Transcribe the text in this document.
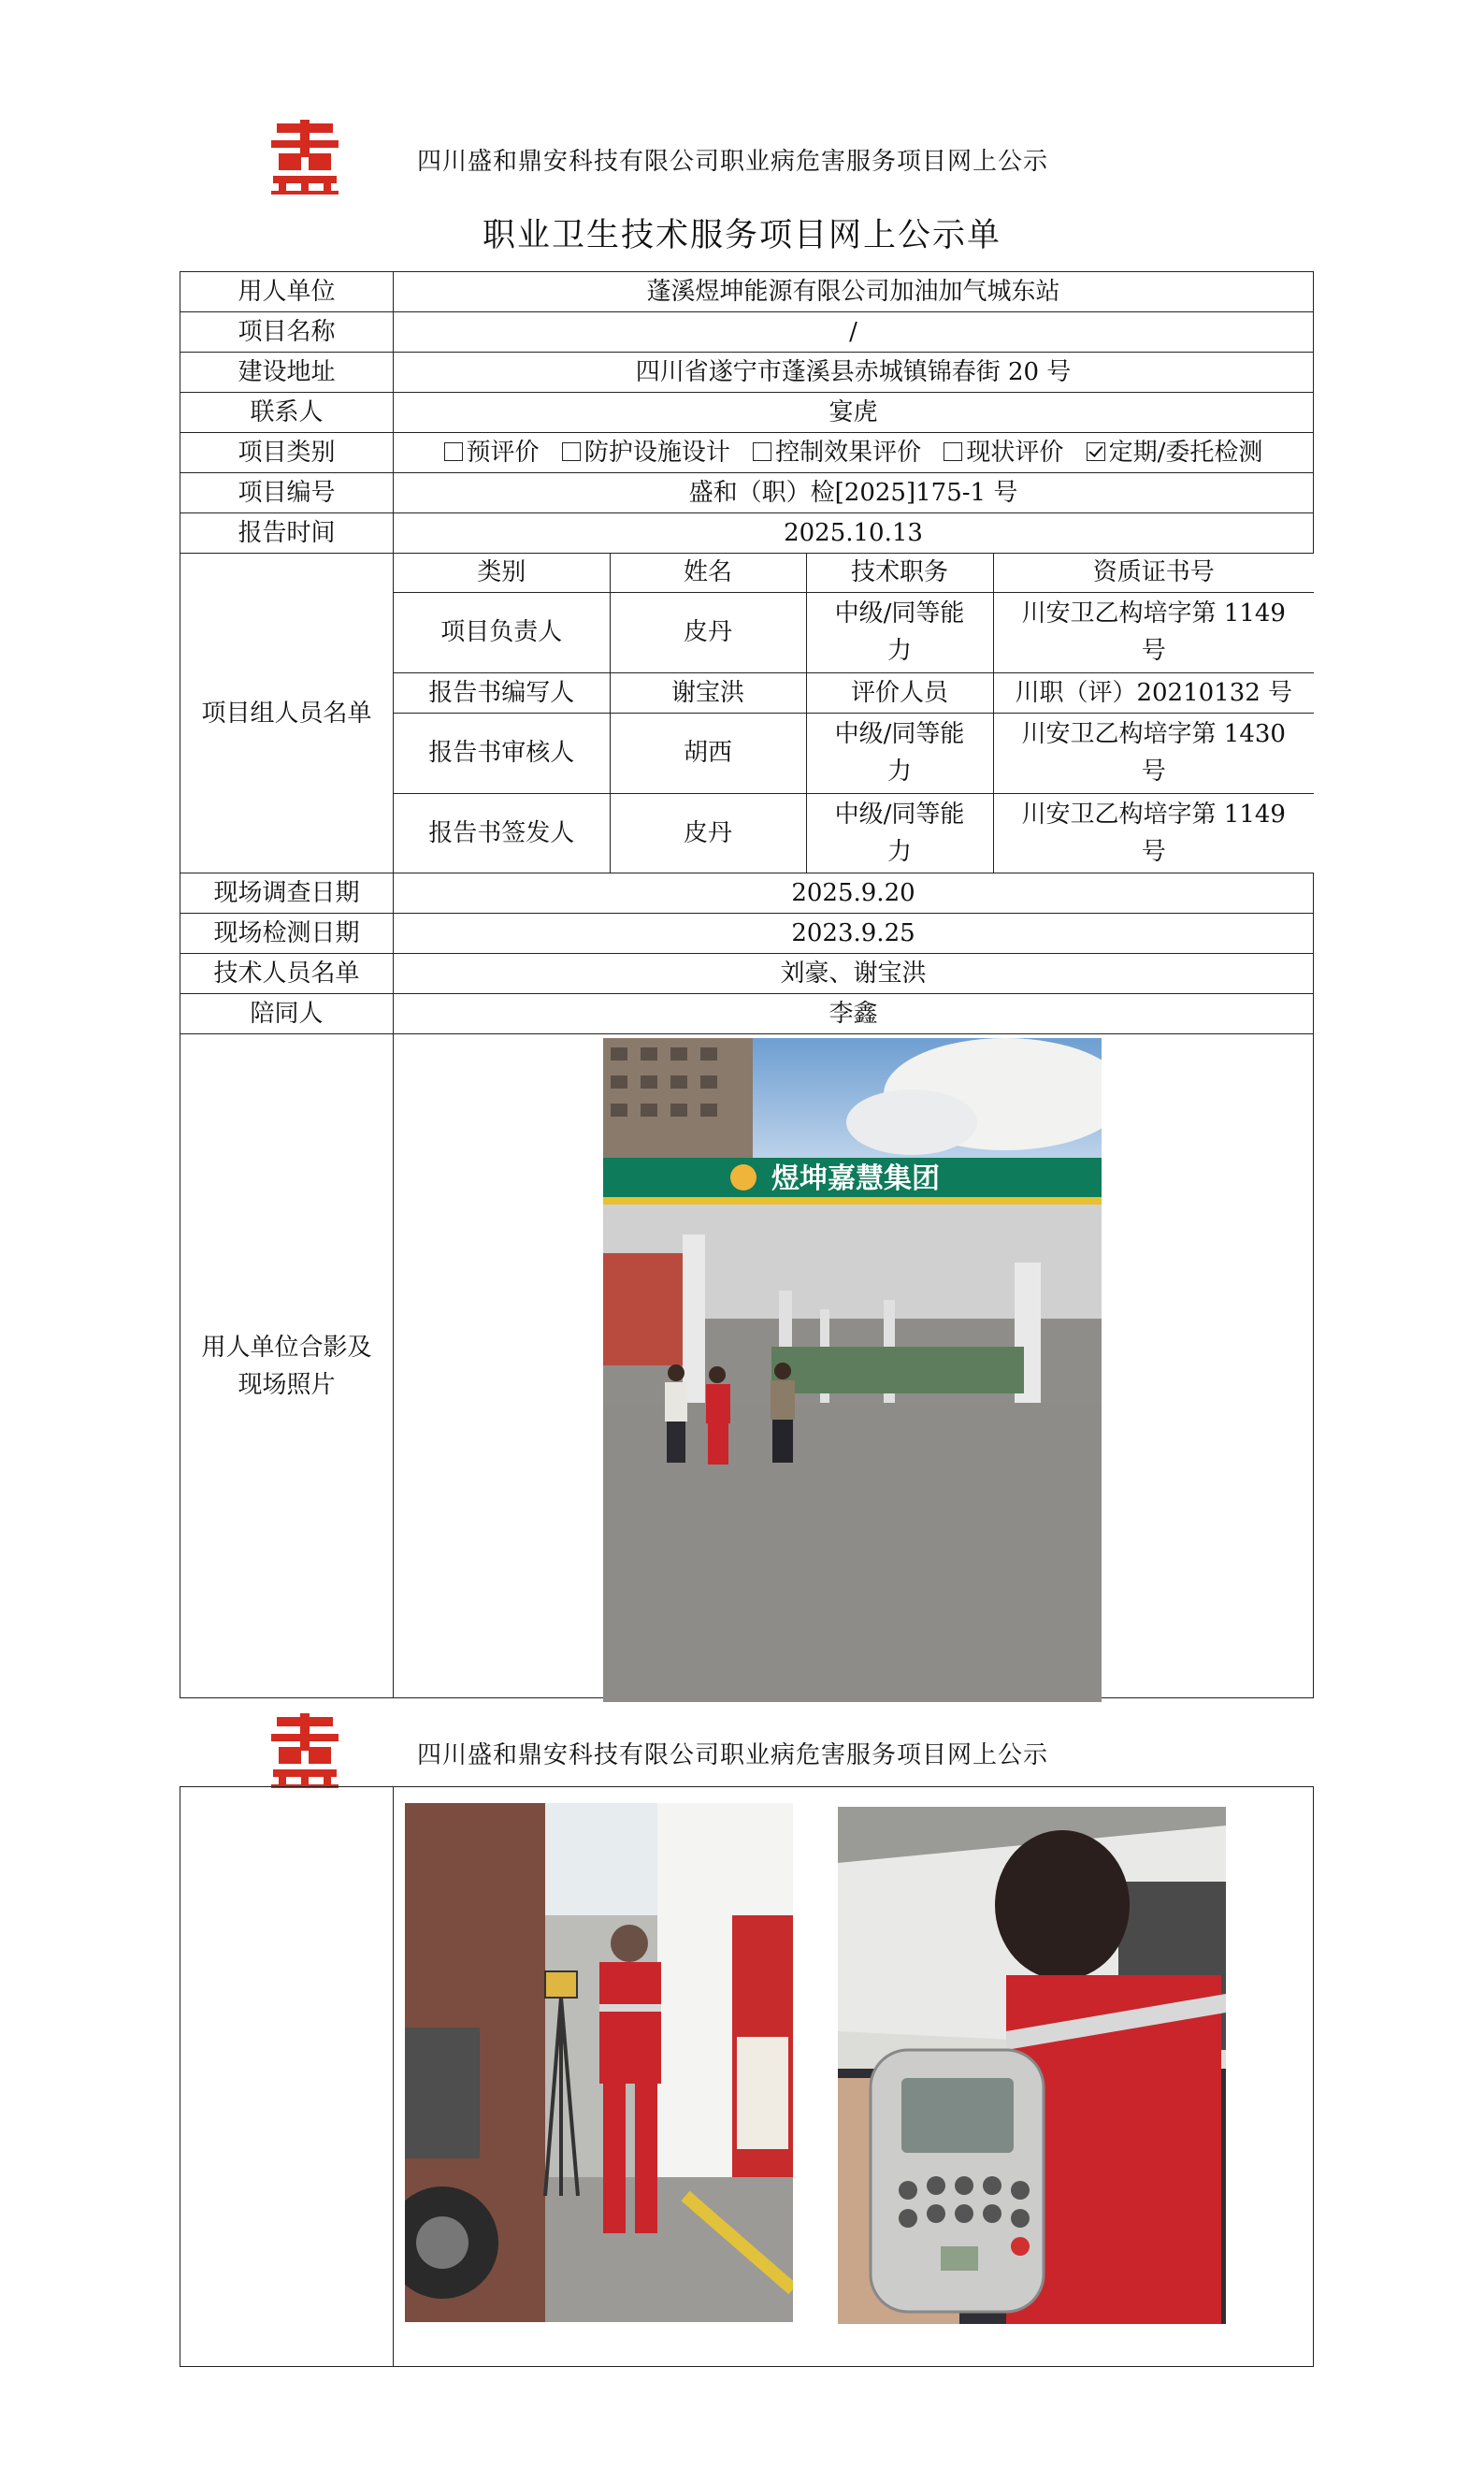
四川盛和鼎安科技有限公司职业病危害服务项目网上公示
职业卫生技术服务项目网上公示单
用人单位	蓬溪煜坤能源有限公司加油加气城东站
项目名称	/
建设地址	四川省遂宁市蓬溪县赤城镇锦春街 20 号
联系人	宴虎
项目类别	预评价 防护设施设计 控制效果评价 现状评价 定期/委托检测
项目编号	盛和（职）检[2025]175-1 号
报告时间	2025.10.13
项目组人员名单	
类别	姓名	技术职务	资质证书号
项目负责人	皮丹	中级/同等能力	川安卫乙构培字第 1149 号
报告书编写人	谢宝洪	评价人员	川职（评）20210132 号
报告书审核人	胡西	中级/同等能力	川安卫乙构培字第 1430 号
报告书签发人	皮丹	中级/同等能力	川安卫乙构培字第 1149 号

现场调查日期	2025.9.20
现场检测日期	2023.9.25
技术人员名单	刘豪、谢宝洪
陪同人	李鑫
用人单位合影及现场照片	
煜坤嘉慧集团
四川盛和鼎安科技有限公司职业病危害服务项目网上公示
